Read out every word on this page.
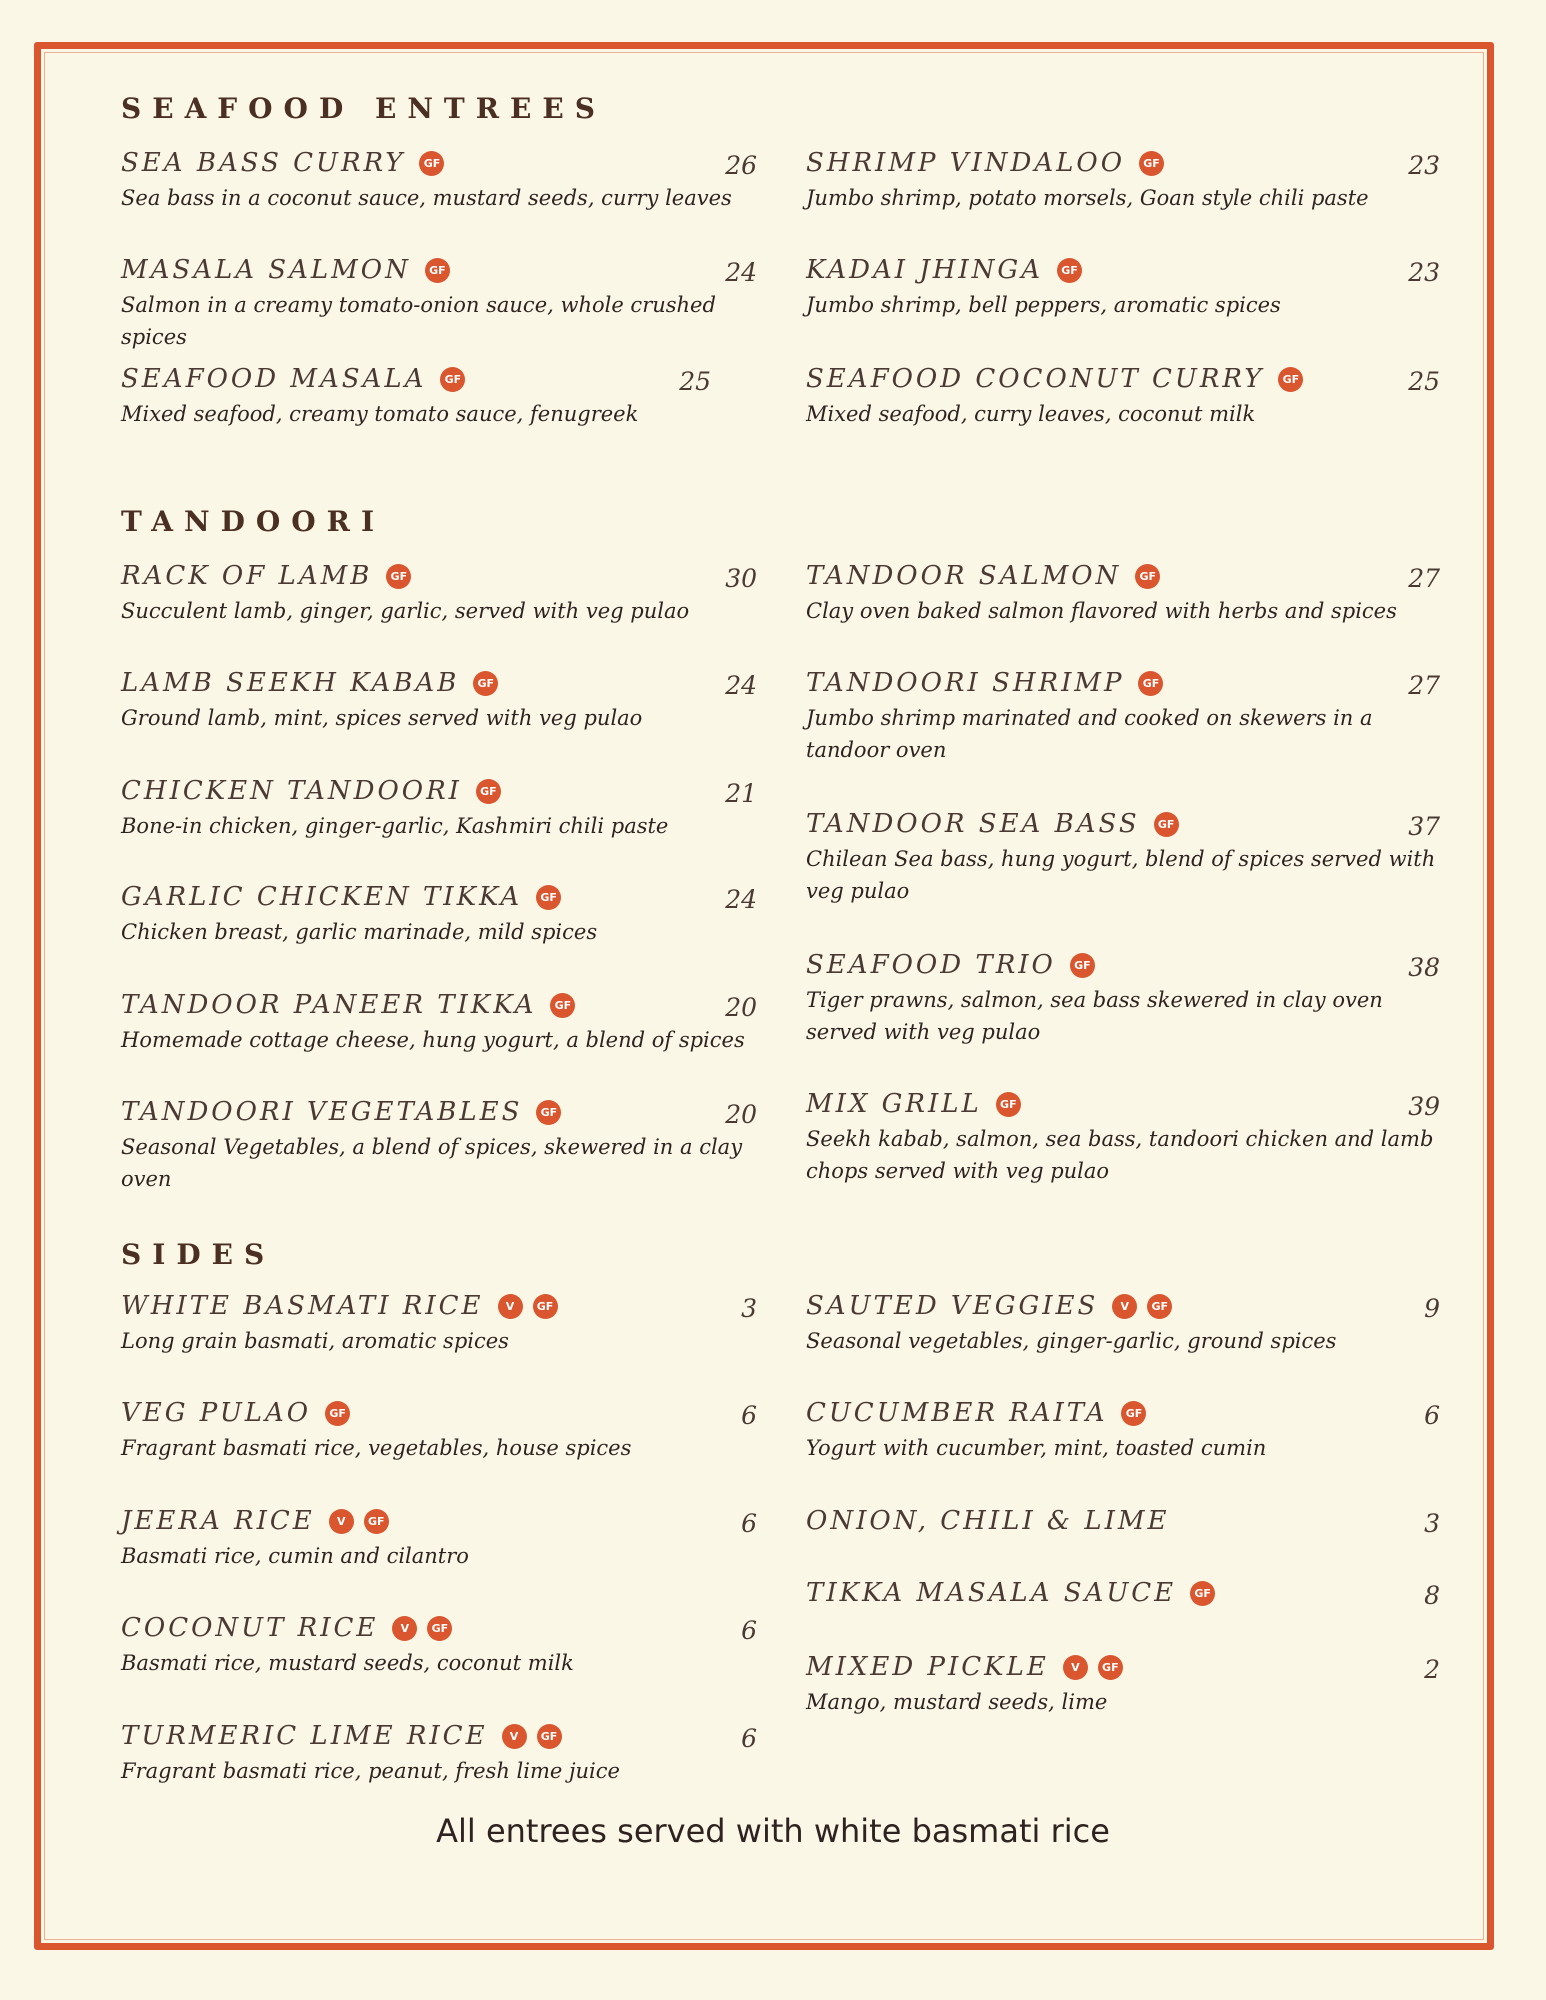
SEAFOOD ENTREES
SEA BASS CURRY GF	26
Sea bass in a coconut sauce, mustard seeds, curry leaves
SHRIMP VINDALOO GF	23
Jumbo shrimp, potato morsels, Goan style chili paste
MASALA SALMON GF	24
Salmon in a creamy tomato-onion sauce, whole crushed spices
KADAI JHINGA GF	23
Jumbo shrimp, bell peppers, aromatic spices
SEAFOOD MASALA GF	25
Mixed seafood, creamy tomato sauce, fenugreek
SEAFOOD COCONUT CURRY GF	25
Mixed seafood, curry leaves, coconut milk
TANDOORI
RACK OF LAMB GF	30
Succulent lamb, ginger, garlic, served with veg pulao
TANDOOR SALMON GF	27
Clay oven baked salmon flavored with herbs and spices
LAMB SEEKH KABAB GF	24
Ground lamb, mint, spices served with veg pulao
TANDOORI SHRIMP GF	27
Jumbo shrimp marinated and cooked on skewers in a tandoor oven
CHICKEN TANDOORI GF	21
Bone-in chicken, ginger-garlic, Kashmiri chili paste	TANDOOR SEA BASS GF	37
Chilean Sea bass, hung yogurt, blend of spices served with veg pulao
GARLIC CHICKEN TIKKA GF	24
Chicken breast, garlic marinade, mild spices
SEAFOOD TRIO GF	38
Tiger prawns, salmon, sea bass skewered in clay oven served with veg pulao
TANDOOR PANEER TIKKA GF	20
Homemade cottage cheese, hung yogurt, a blend of spices
MIX GRILL GF	39
Seekh kabab, salmon, sea bass, tandoori chicken and lamb chops served with veg pulao
TANDOORI VEGETABLES GF	20
Seasonal Vegetables, a blend of spices, skewered in a clay oven
SIDES
WHITE BASMATI RICE V GF	3
Long grain basmati, aromatic spices
SAUTED VEGGIES V GF	9
Seasonal vegetables, ginger-garlic, ground spices
VEG PULAO GF	6
Fragrant basmati rice, vegetables, house spices
CUCUMBER RAITA GF	6
Yogurt with cucumber, mint, toasted cumin
JEERA RICE V GF	6
Basmati rice, cumin and cilantro
ONION, CHILI & LIME	3
TIKKA MASALA SAUCE GF	8
COCONUT RICE V GF	6
Basmati rice, mustard seeds, coconut milk	MIXED PICKLE V GF	2
Mango, mustard seeds, lime
TURMERIC LIME RICE V GF	6
Fragrant basmati rice, peanut, fresh lime juice
All entrees served with white basmati rice
